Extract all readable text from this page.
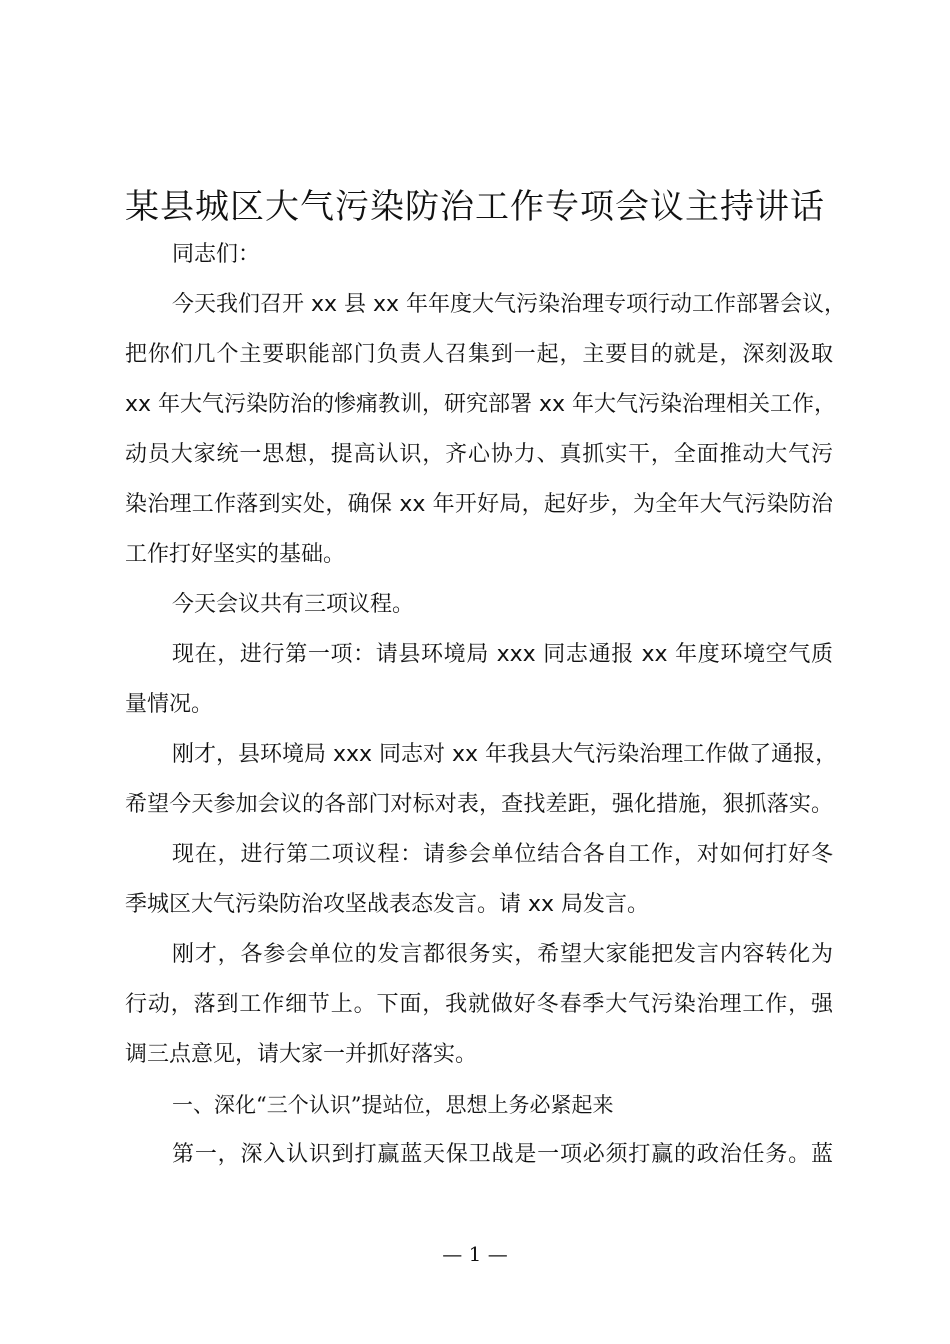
某县城区大气污染防治工作专项会议主持讲话
同志们：
今天我们召开 xx 县 xx 年年度大气污染治理专项行动工作部署会议，
把你们几个主要职能部门负责人召集到一起，主要目的就是，深刻汲取
xx 年大气污染防治的惨痛教训，研究部署 xx 年大气污染治理相关工作，
动员大家统一思想，提高认识，齐心协力、真抓实干，全面推动大气污
染治理工作落到实处，确保 xx 年开好局，起好步，为全年大气污染防治
工作打好坚实的基础。
今天会议共有三项议程。
现在，进行第一项：请县环境局 xxx 同志通报 xx 年度环境空气质
量情况。
刚才，县环境局 xxx 同志对 xx 年我县大气污染治理工作做了通报，
希望今天参加会议的各部门对标对表，查找差距，强化措施，狠抓落实。
现在，进行第二项议程：请参会单位结合各自工作，对如何打好冬
季城区大气污染防治攻坚战表态发言。请 xx 局发言。
刚才，各参会单位的发言都很务实，希望大家能把发言内容转化为
行动，落到工作细节上。下面，我就做好冬春季大气污染治理工作，强
调三点意见，请大家一并抓好落实。
一、深化“三个认识”提站位，思想上务必紧起来
第一，深入认识到打赢蓝天保卫战是一项必须打赢的政治任务。蓝
— 1 —
